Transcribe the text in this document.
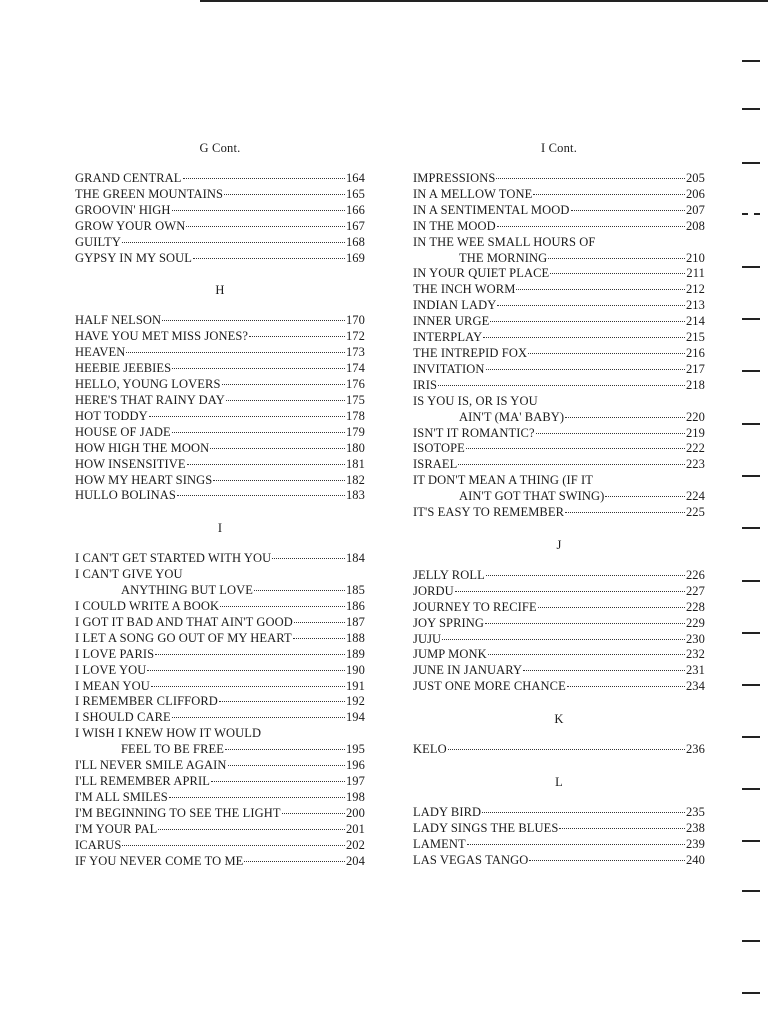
G Cont.
GRAND CENTRAL	164
THE GREEN MOUNTAINS	165
GROOVIN' HIGH	166
GROW YOUR OWN	167
GUILTY	168
GYPSY IN MY SOUL	169
H
HALF NELSON	170
HAVE YOU MET MISS JONES?	172
HEAVEN	173
HEEBIE JEEBIES	174
HELLO, YOUNG LOVERS	176
HERE'S THAT RAINY DAY	175
HOT TODDY	178
HOUSE OF JADE	179
HOW HIGH THE MOON	180
HOW INSENSITIVE	181
HOW MY HEART SINGS	182
HULLO BOLINAS	183
I
I CAN'T GET STARTED WITH YOU	184
I CAN'T GIVE YOU
ANYTHING BUT LOVE	185
I COULD WRITE A BOOK	186
I GOT IT BAD AND THAT AIN'T GOOD	187
I LET A SONG GO OUT OF MY HEART	188
I LOVE PARIS	189
I LOVE YOU	190
I MEAN YOU	191
I REMEMBER CLIFFORD	192
I SHOULD CARE	194
I WISH I KNEW HOW IT WOULD
FEEL TO BE FREE	195
I'LL NEVER SMILE AGAIN	196
I'LL REMEMBER APRIL	197
I'M ALL SMILES	198
I'M BEGINNING TO SEE THE LIGHT	200
I'M YOUR PAL	201
ICARUS	202
IF YOU NEVER COME TO ME	204
I Cont.
IMPRESSIONS	205
IN A MELLOW TONE	206
IN A SENTIMENTAL MOOD	207
IN THE MOOD	208
IN THE WEE SMALL HOURS OF
THE MORNING	210
IN YOUR QUIET PLACE	211
THE INCH WORM	212
INDIAN LADY	213
INNER URGE	214
INTERPLAY	215
THE INTREPID FOX	216
INVITATION	217
IRIS	218
IS YOU IS, OR IS YOU
AIN'T (MA' BABY)	220
ISN'T IT ROMANTIC?	219
ISOTOPE	222
ISRAEL	223
IT DON'T MEAN A THING (IF IT
AIN'T GOT THAT SWING)	224
IT'S EASY TO REMEMBER	225
J
JELLY ROLL	226
JORDU	227
JOURNEY TO RECIFE	228
JOY SPRING	229
JUJU	230
JUMP MONK	232
JUNE IN JANUARY	231
JUST ONE MORE CHANCE	234
K
KELO	236
L
LADY BIRD	235
LADY SINGS THE BLUES	238
LAMENT	239
LAS VEGAS TANGO	240
